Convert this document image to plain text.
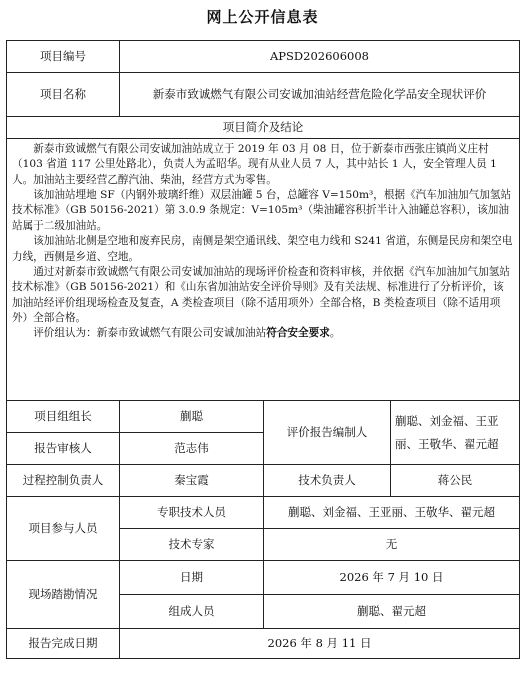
网上公开信息表
项目编号	APSD202606008		
项目名称	新泰市致诚燃气有限公司安诚加油站经营危险化学品安全现状评价		
项目简介及结论			

新泰市致诚燃气有限公司安诚加油站成立于 2019 年 03 月 08 日，位于新泰市西张庄镇尚义庄村（103 省道 117 公里处路北），负责人为孟昭华。现有从业人员 7 人，其中站长 1 人，安全管理人员 1 人。加油站主要经营乙醇汽油、柴油，经营方式为零售。

该加油站埋地 SF（内钢外玻璃纤维）双层油罐 5 台，总罐容 V=150m³，根据《汽车加油加气加氢站技术标准》（GB 50156-2021）第 3.0.9 条规定：V=105m³（柴油罐容积折半计入油罐总容积），该加油站属于二级加油站。

该加油站北侧是空地和废弃民房，南侧是架空通讯线、架空电力线和 S241 省道，东侧是民房和架空电力线，西侧是乡道、空地。

通过对新泰市致诚燃气有限公司安诚加油站的现场评价检查和资料审核，并依据《汽车加油加气加氢站技术标准》（GB 50156-2021）和《山东省加油站安全评价导则》及有关法规、标准进行了分析评价，该加油站经评价组现场检查及复查，A 类检查项目（除不适用项外）全部合格，B 类检查项目（除不适用项外）全部合格。

评价组认为：新泰市致诚燃气有限公司安诚加油站符合安全要求。			

项目组组长	蒯聪	评价报告编制人	蒯聪、刘金福、王亚丽、王敬华、翟元超
报告审核人	范志伟		
过程控制负责人	秦宝霞	技术负责人	蒋公民
项目参与人员	专职技术人员	蒯聪、刘金福、王亚丽、王敬华、翟元超	
	技术专家	无	
现场踏勘情况	日期	2026 年 7 月 10 日	
	组成人员	蒯聪、翟元超	
报告完成日期	2026 年 8 月 11 日		
